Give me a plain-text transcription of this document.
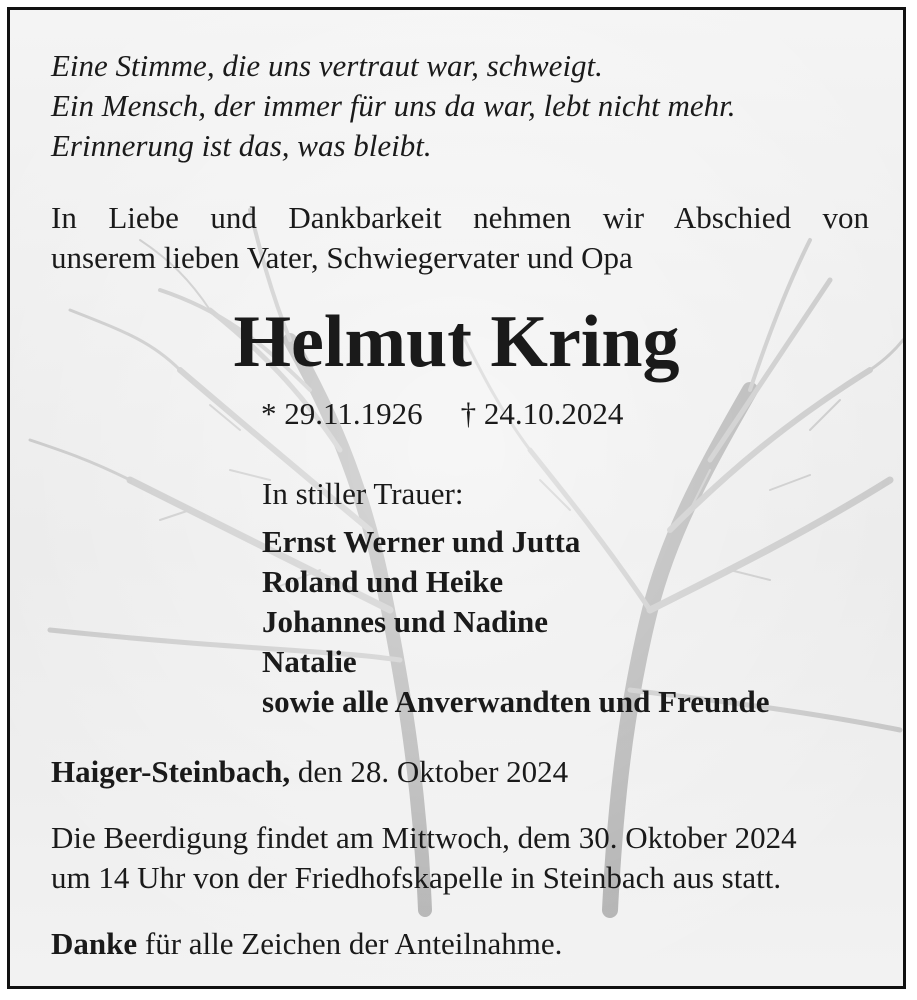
Eine Stimme, die uns vertraut war, schweigt.

Ein Mensch, der immer für uns da war, lebt nicht mehr.

Erinnerung ist das, was bleibt.

In Liebe und Dankbarkeit nehmen wir Abschied von

unserem lieben Vater, Schwiegervater und Opa

Helmut Kring

* 29.11.1926 † 24.10.2024

In stiller Trauer:

Ernst Werner und Jutta

Roland und Heike

Johannes und Nadine

Natalie

sowie alle Anverwandten und Freunde

Haiger-Steinbach, den 28. Oktober 2024

Die Beerdigung findet am Mittwoch, dem 30. Oktober 2024

um 14 Uhr von der Friedhofskapelle in Steinbach aus statt.

Danke für alle Zeichen der Anteilnahme.
